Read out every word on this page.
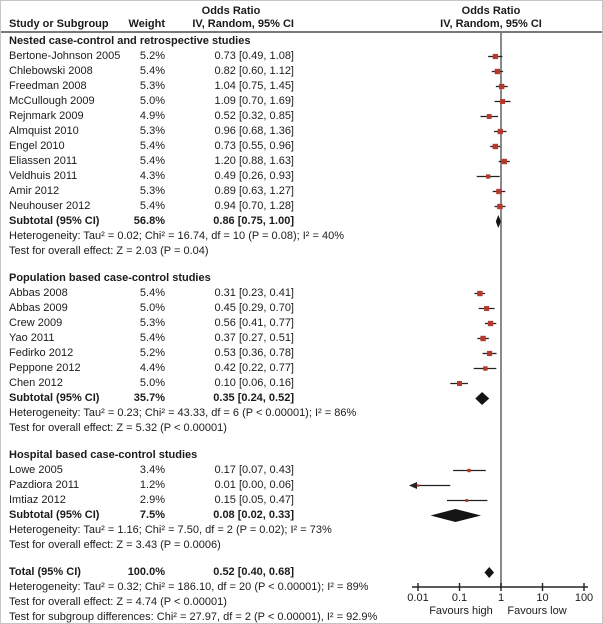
Odds Ratio	Odds Ratio
Study or Subgroup	Weight	IV, Random, 95% CI	IV, Random, 95% CI
Nested case-control and retrospective studies
Bertone-Johnson 2005	5.2%	0.73 [0.49, 1.08]
Chlebowski 2008	5.4%	0.82 [0.60, 1.12]
Freedman 2008	5.3%	1.04 [0.75, 1.45]
McCullough 2009	5.0%	1.09 [0.70, 1.69]
Rejnmark 2009	4.9%	0.52 [0.32, 0.85]
Almquist 2010	5.3%	0.96 [0.68, 1.36]
Engel 2010	5.4%	0.73 [0.55, 0.96]
Eliassen 2011	5.4%	1.20 [0.88, 1.63]
Veldhuis 2011	4.3%	0.49 [0.26, 0.93]
Amir 2012	5.3%	0.89 [0.63, 1.27]
Neuhouser 2012	5.4%	0.94 [0.70, 1.28]
Subtotal (95% CI)	56.8%	0.86 [0.75, 1.00]
Heterogeneity: Tau² = 0.02; Chi² = 16.74, df = 10 (P = 0.08); I² = 40%
Test for overall effect: Z = 2.03 (P = 0.04)
Population based case-control studies
Abbas 2008	5.4%	0.31 [0.23, 0.41]
Abbas 2009	5.0%	0.45 [0.29, 0.70]
Crew 2009	5.3%	0.56 [0.41, 0.77]
Yao 2011	5.4%	0.37 [0.27, 0.51]
Fedirko 2012	5.2%	0.53 [0.36, 0.78]
Peppone 2012	4.4%	0.42 [0.22, 0.77]
Chen 2012	5.0%	0.10 [0.06, 0.16]
Subtotal (95% CI)	35.7%	0.35 [0.24, 0.52]
Heterogeneity: Tau² = 0.23; Chi² = 43.33, df = 6 (P < 0.00001); I² = 86%
Test for overall effect: Z = 5.32 (P < 0.00001)
Hospital based case-control studies
Lowe 2005	3.4%	0.17 [0.07, 0.43]
Pazdiora 2011	1.2%	0.01 [0.00, 0.06]
Imtiaz 2012	2.9%	0.15 [0.05, 0.47]
Subtotal (95% CI)	7.5%	0.08 [0.02, 0.33]
Heterogeneity: Tau² = 1.16; Chi² = 7.50, df = 2 (P = 0.02); I² = 73%
Test for overall effect: Z = 3.43 (P = 0.0006)
Total (95% CI)	100.0%	0.52 [0.40, 0.68]
Heterogeneity: Tau² = 0.32; Chi² = 186.10, df = 20 (P < 0.00001); I² = 89%
Test for overall effect: Z = 4.74 (P < 0.00001)
Test for subgroup differences: Chi² = 27.97, df = 2 (P < 0.00001), I² = 92.9%
0.01 0.1	1	10 100
Favours high Favours low
